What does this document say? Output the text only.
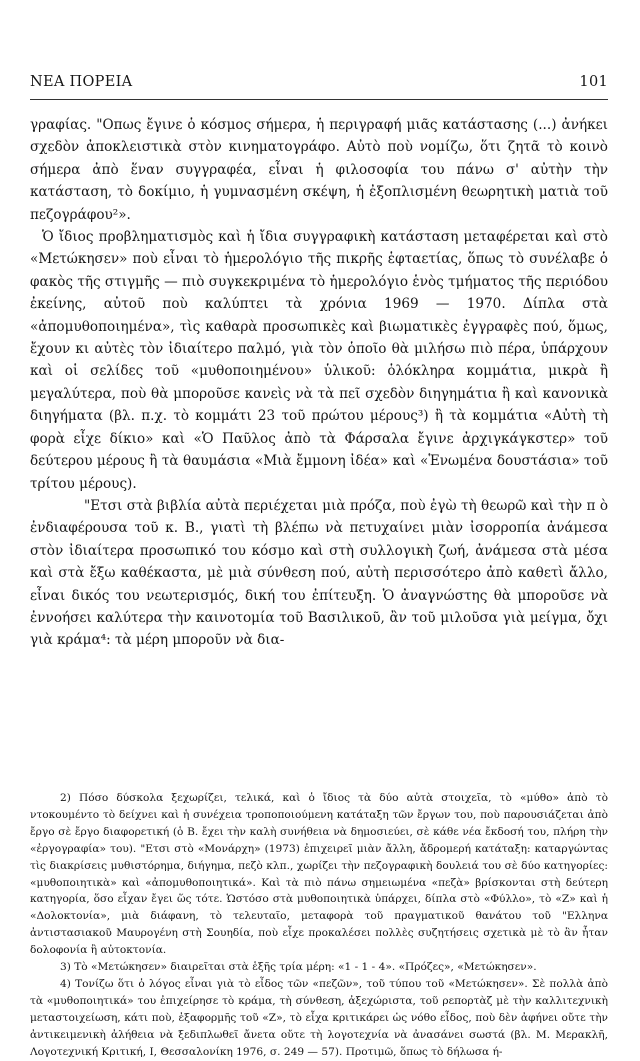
ΝΕΑ ΠΟΡΕΙΑ	101

γραφίας. "Οπως ἔγινε ὁ κόσμος σήμερα, ἡ περιγραφή μιᾶς κατάστασης (...) ἀνήκει σχεδὸν ἀποκλειστικὰ στὸν κινηματογράφο. Αὐτὸ ποὺ νομίζω, ὅτι ζητᾶ τὸ κοινὸ σήμερα ἀπὸ ἕναν συγγραφέα, εἶναι ἡ φιλοσοφία του πάνω σ' αὐτὴν τὴν κατάσταση, τὸ δοκίμιο, ἡ γυμνασμένη σκέψη, ἡ ἐξοπλισμένη θεωρητικὴ ματιὰ τοῦ πεζογράφου²».

Ὁ ἴδιος προβληματισμὸς καὶ ἡ ἴδια συγγραφικὴ κατάσταση μεταφέρεται καὶ στὸ «Μετώκησεν» ποὺ εἶναι τὸ ἡμερολόγιο τῆς πικρῆς ἑφταετίας, ὅπως τὸ συνέλαβε ὁ φακὸς τῆς στιγμῆς — πιὸ συγκεκριμένα τὸ ἡμερολόγιο ἑνὸς τμήματος τῆς περιόδου ἐκείνης, αὐτοῦ ποὺ καλύπτει τὰ χρόνια 1969 — 1970. Δίπλα στὰ «ἀπομυθοποιημένα», τὶς καθαρὰ προσωπικὲς καὶ βιωματικὲς ἐγγραφὲς πού, ὅμως, ἔχουν κι αὐτὲς τὸν ἰδιαίτερο παλμό, γιὰ τὸν ὁποῖο θὰ μιλήσω πιὸ πέρα, ὑπάρχουν καὶ οἱ σελίδες τοῦ «μυθοποιημένου» ὑλικοῦ: ὁλόκληρα κομμάτια, μικρὰ ἢ μεγαλύτερα, ποὺ θὰ μποροῦσε κανεὶς νὰ τὰ πεῖ σχεδὸν διηγημάτια ἢ καὶ κανονικὰ διηγήματα (βλ. π.χ. τὸ κομμάτι 23 τοῦ πρώτου μέρους³) ἢ τὰ κομμάτια «Αὐτὴ τὴ φορὰ εἶχε δίκιο» καὶ «Ὁ Παῦλος ἀπὸ τὰ Φάρσαλα ἔγινε ἀρχιγκάγκστερ» τοῦ δεύτερου μέρους ἢ τὰ θαυμάσια «Μιὰ ἔμμονη ἰδέα» καὶ «Ἑνωμένα δουστάσια» τοῦ τρίτου μέρους).

"Ετσι στὰ βιβλία αὐτὰ περιέχεται μιὰ πρόζα, ποὺ ἐγὼ τὴ θεωρῶ καὶ τὴν π ὸ ἐνδιαφέρουσα τοῦ κ. Β., γιατὶ τὴ βλέπω νὰ πετυχαίνει μιὰν ἰσορροπία ἀνάμεσα στὸν ἰδιαίτερα προσωπικό του κόσμο καὶ στὴ συλλογικὴ ζωή, ἀνάμεσα στὰ μέσα καὶ στὰ ἔξω καθέκαστα, μὲ μιὰ σύνθεση πού, αὐτὴ περισσότερο ἀπὸ καθετὶ ἄλλο, εἶναι δικός του νεωτερισμός, δική του ἐπίτευξη. Ὁ ἀναγνώστης θὰ μποροῦσε νὰ ἐννοήσει καλύτερα τὴν καινοτομία τοῦ Βασιλικοῦ, ἂν τοῦ μιλοῦσα γιὰ μείγμα, ὄχι γιὰ κράμα⁴: τὰ μέρη μποροῦν νὰ δια-

2) Πόσο δύσκολα ξεχωρίζει, τελικά, καὶ ὁ ἴδιος τὰ δύο αὐτὰ στοιχεῖα, τὸ «μύθο» ἀπὸ τὸ ντοκουμέντο τὸ δείχνει καὶ ἡ συνέχεια τροποποιούμενη κατάταξη τῶν ἔργων του, ποὺ παρουσιάζεται ἀπὸ ἔργο σὲ ἔργο διαφορετική (ὁ Β. ἔχει τὴν καλὴ συνήθεια νὰ δημοσιεύει, σὲ κάθε νέα ἔκδοσή του, πλήρη τὴν «ἐργογραφία» του). "Ετσι στὸ «Μονάρχη» (1973) ἐπιχειρεῖ μιὰν ἄλλη, ἄδρομερή κατάταξη: καταργώντας τὶς διακρίσεις μυθιστόρημα, διήγημα, πεζὸ κλπ., χωρίζει τὴν πεζογραφικὴ δουλειά του σὲ δύο κατηγορίες: «μυθοποιητικὰ» καὶ «ἀπομυθοποιητικά». Καὶ τὰ πιὸ πάνω σημειωμένα «πεζὰ» βρίσκονται στὴ δεύτερη κατηγορία, ὅσο εἶχαν ἔγει ὥς τότε. Ὡστόσο στὰ μυθοποιητικὰ ὑπάρχει, δίπλα στὸ «Φύλλο», τὸ «Ζ» καὶ ἡ «Δολοκτονία», μιὰ διάφανη, τὸ τελευταῖο, μεταφορὰ τοῦ πραγματικοῦ θανάτου τοῦ "Ελληνα ἀντιστασιακοῦ Μαυρογένη στὴ Σουηδία, ποὺ εἶχε προκαλέσει πολλὲς συζητήσεις σχετικὰ μὲ τὸ ἂν ἦταν δολοφονία ἢ αὐτοκτονία.

3) Τὸ «Μετώκησεν» διαιρεῖται στὰ ἑξῆς τρία μέρη: «1 - 1 - 4». «Πρόζες», «Μετώκησεν».

4) Τονίζω ὅτι ὁ λόγος εἶναι γιὰ τὸ εἶδος τῶν «πεζῶν», τοῦ τύπου τοῦ «Μετώκησεν». Σὲ πολλὰ ἀπὸ τὰ «μυθοποιητικά» του ἐπιχείρησε τὸ κράμα, τὴ σύνθεση, ἀξεχώριστα, τοῦ ρεπορτὰζ μὲ τὴν καλλιτεχνικὴ μεταστοιχείωση, κάτι ποὺ, ἐξαφορμῆς τοῦ «Ζ», τὸ εἶχα κριτικάρει ὡς νόθο εἶδος, ποὺ δὲν ἀφήνει οὔτε τὴν ἀντικειμενικὴ ἀλήθεια νὰ ξεδιπλωθεῖ ἄνετα οὔτε τὴ λογοτεχνία νὰ ἀνασάνει σωστά (βλ. Μ. Μερακλῆ, Λογοτεχνική Κριτική, Ι, Θεσσαλονίκη 1976, σ. 249 — 57). Προτιμῶ, ὅπως τὸ δήλωσα ή-
